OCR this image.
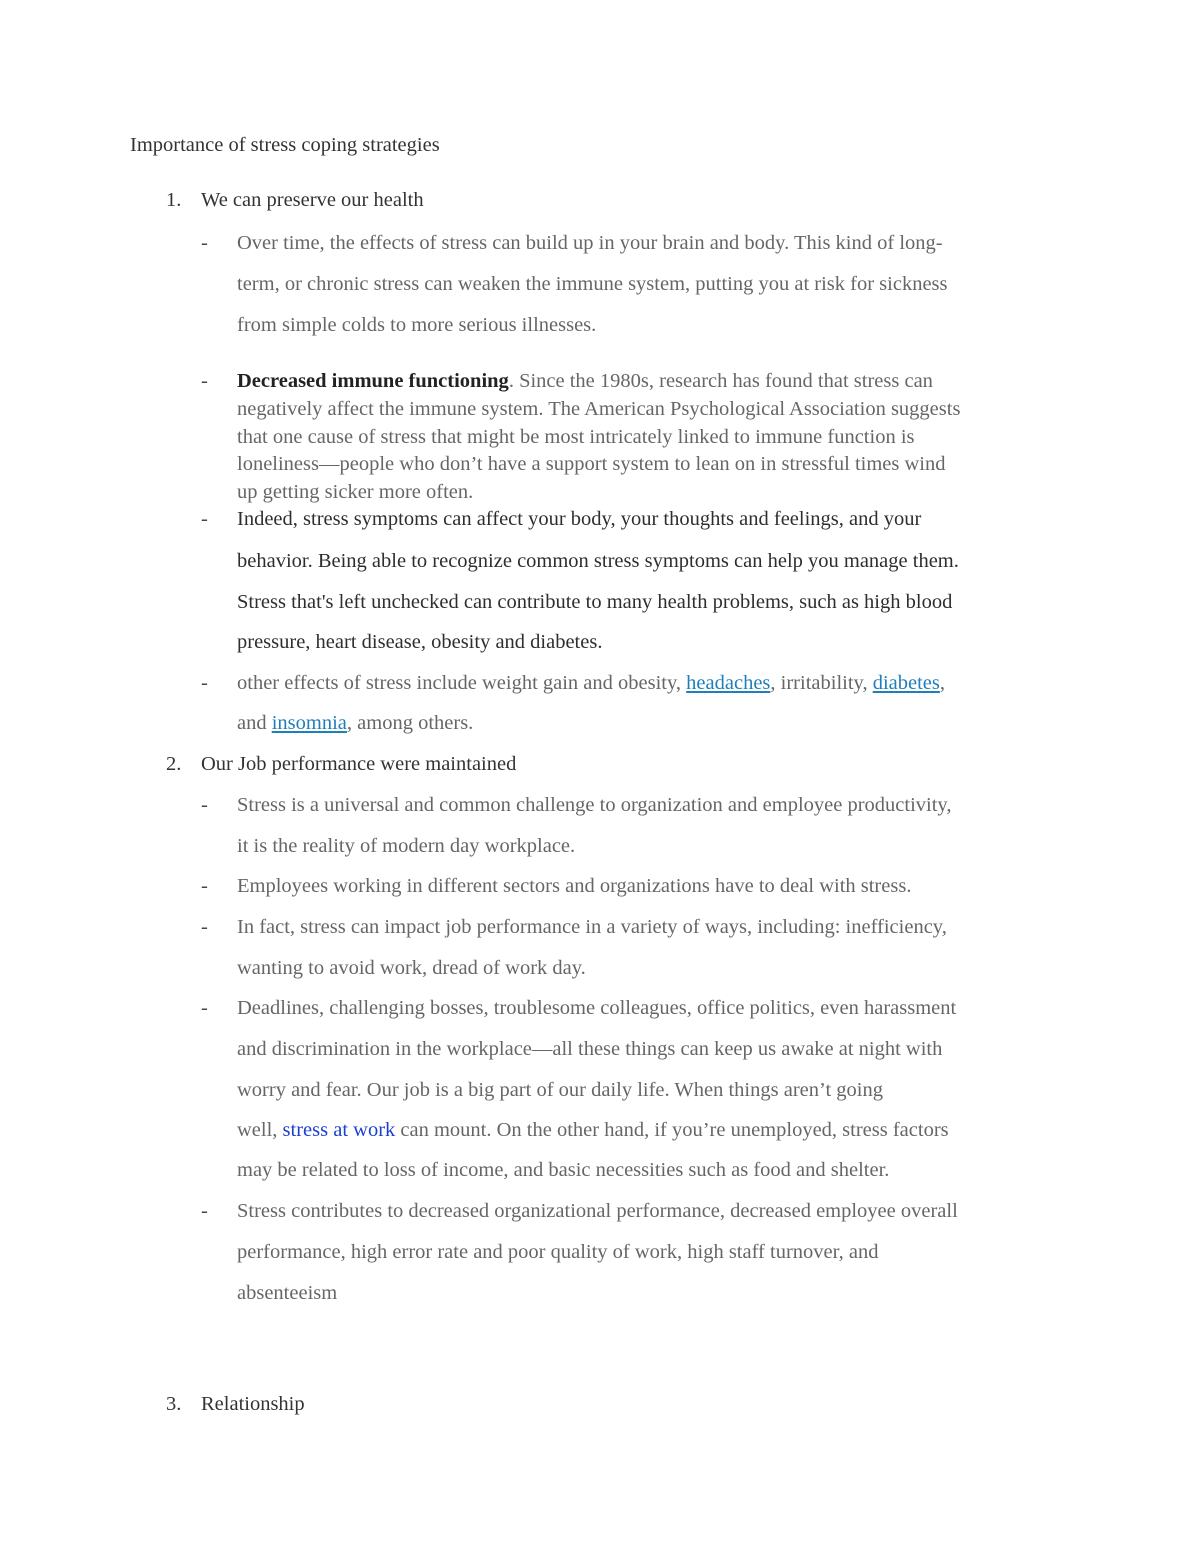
Importance of stress coping strategies
1. We can preserve our health
- Over time, the effects of stress can build up in your brain and body. This kind of long-
term, or chronic stress can weaken the immune system, putting you at risk for sickness
from simple colds to more serious illnesses.
- Decreased immune functioning. Since the 1980s, research has found that stress can
negatively affect the immune system. The American Psychological Association suggests
that one cause of stress that might be most intricately linked to immune function is
loneliness—people who don’t have a support system to lean on in stressful times wind
up getting sicker more often.
- Indeed, stress symptoms can affect your body, your thoughts and feelings, and your
behavior. Being able to recognize common stress symptoms can help you manage them.
Stress that's left unchecked can contribute to many health problems, such as high blood
pressure, heart disease, obesity and diabetes.
- other effects of stress include weight gain and obesity, headaches, irritability, diabetes,
and insomnia, among others.
2. Our Job performance were maintained
- Stress is a universal and common challenge to organization and employee productivity,
it is the reality of modern day workplace.
- Employees working in different sectors and organizations have to deal with stress.
- In fact, stress can impact job performance in a variety of ways, including: inefficiency,
wanting to avoid work, dread of work day.
- Deadlines, challenging bosses, troublesome colleagues, office politics, even harassment
and discrimination in the workplace—all these things can keep us awake at night with
worry and fear. Our job is a big part of our daily life. When things aren’t going
well, stress at work can mount. On the other hand, if you’re unemployed, stress factors
may be related to loss of income, and basic necessities such as food and shelter.
- Stress contributes to decreased organizational performance, decreased employee overall
performance, high error rate and poor quality of work, high staff turnover, and
absenteeism
3. Relationship
